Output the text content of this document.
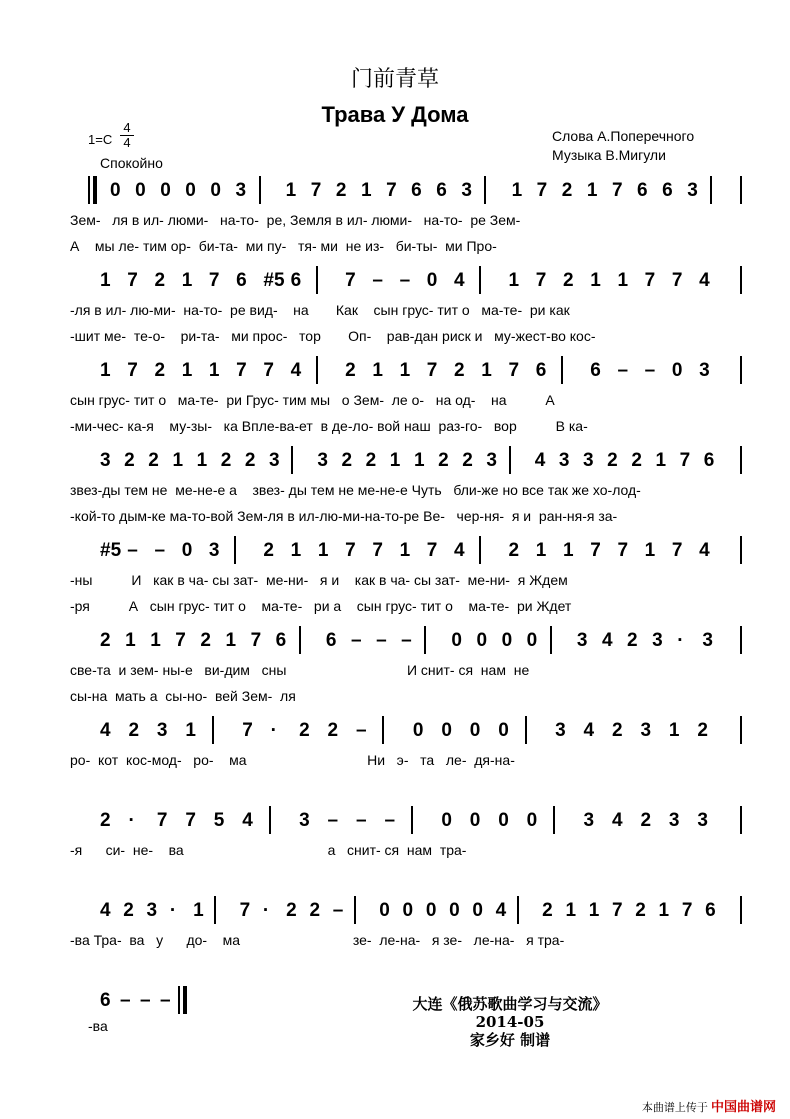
门前青草
Трава У Дома
1=C
4
4
Спокойно
Слова А.Поперечного
Музыка В.Мигули
0 0 0 0 0 3 1 7 2 1 7 6 6 3 1 7 2 1 7 6 6 3
Зем-   ля в ил- люми-   на-то-  ре, Земля в ил- люми-   на-то-  ре Зем-
А    мы ле- тим ор-  би-та-  ми пу-   тя- ми  не из-   би-ты-  ми Про-
1 7 2 1 7 6 #5 6 7 – – 0 4 1 7 2 1 1 7 7 4
-ля в ил- лю-ми-  на-то-  ре вид-    на       Как    сын грус- тит о   ма-те-  ри как
-шит ме-  те-о-    ри-та-   ми прос-   тор       Оп-    рав-дан риск и   му-жест-во кос-
1 7 2 1 1 7 7 4 2 1 1 7 2 1 7 6 6 – – 0 3
сын грус- тит о   ма-те-  ри Грус- тим мы   о Зем-  ле о-   на од-    на          А
-ми-чес- ка-я    му-зы-   ка Впле-ва-ет  в де-ло- вой наш  раз-го-   вор          В ка-
3 2 2 1 1 2 2 3 3 2 2 1 1 2 2 3 4 3 3 2 2 1 7 6
звез-ды тем не  ме-не-е а    звез- ды тем не ме-не-е Чуть   бли-же но все так же хо-лод-
-кой-то дым-ке ма-то-вой Зем-ля в ил-лю-ми-на-то-ре Ве-   чер-ня-  я и  ран-ня-я за-
#5 – – 0 3 2 1 1 7 7 1 7 4 2 1 1 7 7 1 7 4
-ны          И   как в ча- сы зат-  ме-ни-   я и    как в ча- сы зат-  ме-ни-  я Ждем
-ря          А   сын грус- тит о    ма-те-   ри а    сын грус- тит о    ма-те-  ри Ждет
2 1 1 7 2 1 7 6 6 – – – 0 0 0 0 3 4 2 3 · 3
све-та  и зем- ны-е   ви-дим   сны                               И снит- ся  нам  не
сы-на  мать а  сы-но-  вей Зем-  ля
4 2 3 1 7 · 2 2 – 0 0 0 0 3 4 2 3 1 2
ро-  кот  кос-мод-   ро-    ма                               Ни   э-   та   ле-  дя-на-
2 · 7 7 5 4 3 – – – 0 0 0 0 3 4 2 3 3
-я      си-  не-    ва                                     а   снит- ся  нам  тра-
4 2 3 · 1 7 · 2 2 – 0 0 0 0 0 4 2 1 1 7 2 1 7 6
-ва Тра-  ва   у      до-    ма                             зе-  ле-на-   я зе-   ле-на-   я тра-
6 – – –
-ва
大连《俄苏歌曲学习与交流》
2014-05
家乡好 制谱
本曲谱上传于 中国曲谱网
